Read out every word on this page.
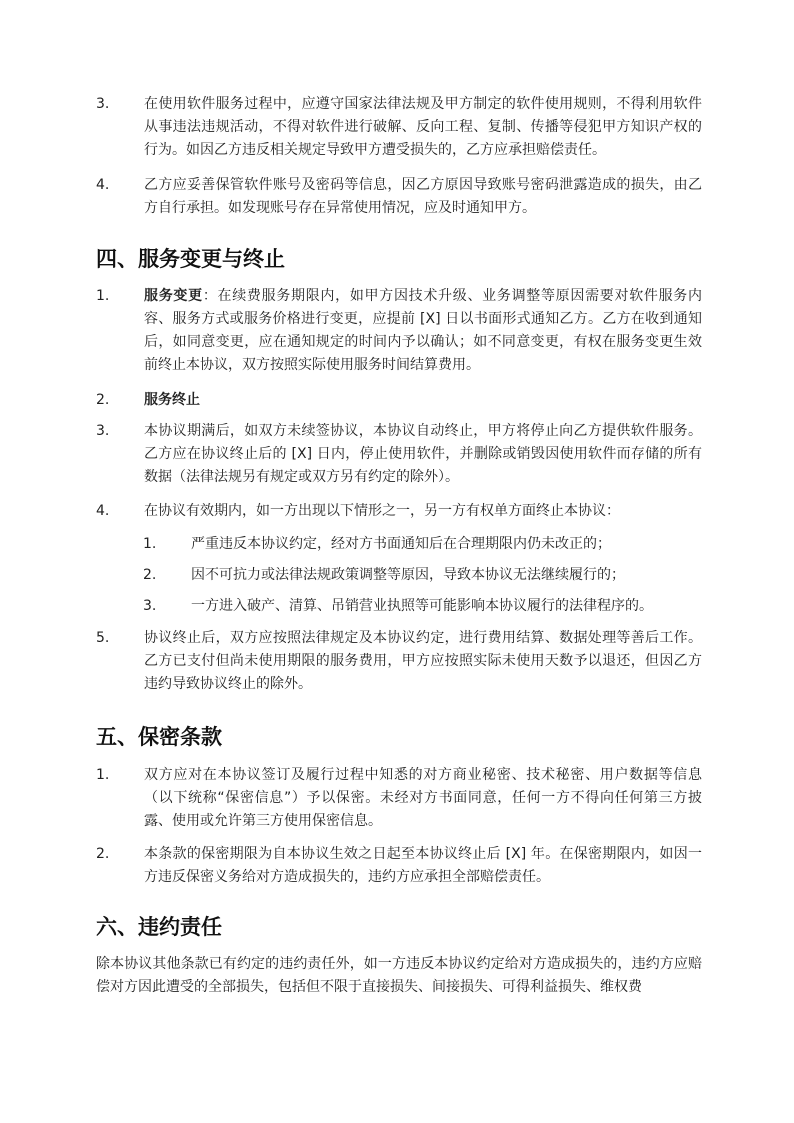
3.	在使用软件服务过程中，应遵守国家法律法规及甲方制定的软件使用规则，不得利用软件从事违法违规活动，不得对软件进行破解、反向工程、复制、传播等侵犯甲方知识产权的行为。如因乙方违反相关规定导致甲方遭受损失的，乙方应承担赔偿责任。
4.	乙方应妥善保管软件账号及密码等信息，因乙方原因导致账号密码泄露造成的损失，由乙方自行承担。如发现账号存在异常使用情况，应及时通知甲方。
四、服务变更与终止
1.	服务变更：在续费服务期限内，如甲方因技术升级、业务调整等原因需要对软件服务内容、服务方式或服务价格进行变更，应提前 [X] 日以书面形式通知乙方。乙方在收到通知后，如同意变更，应在通知规定的时间内予以确认；如不同意变更，有权在服务变更生效前终止本协议，双方按照实际使用服务时间结算费用。
2.	服务终止
3.	本协议期满后，如双方未续签协议，本协议自动终止，甲方将停止向乙方提供软件服务。乙方应在协议终止后的 [X] 日内，停止使用软件，并删除或销毁因使用软件而存储的所有数据（法律法规另有规定或双方另有约定的除外）。
4.	在协议有效期内，如一方出现以下情形之一，另一方有权单方面终止本协议：
1.	严重违反本协议约定，经对方书面通知后在合理期限内仍未改正的；
2.	因不可抗力或法律法规政策调整等原因，导致本协议无法继续履行的；
3.	一方进入破产、清算、吊销营业执照等可能影响本协议履行的法律程序的。
5.	协议终止后，双方应按照法律规定及本协议约定，进行费用结算、数据处理等善后工作。乙方已支付但尚未使用期限的服务费用，甲方应按照实际未使用天数予以退还，但因乙方违约导致协议终止的除外。
五、保密条款
1.	双方应对在本协议签订及履行过程中知悉的对方商业秘密、技术秘密、用户数据等信息（以下统称“保密信息”）予以保密。未经对方书面同意，任何一方不得向任何第三方披露、使用或允许第三方使用保密信息。
2.	本条款的保密期限为自本协议生效之日起至本协议终止后 [X] 年。在保密期限内，如因一方违反保密义务给对方造成损失的，违约方应承担全部赔偿责任。
六、违约责任
除本协议其他条款已有约定的违约责任外，如一方违反本协议约定给对方造成损失的，违约方应赔偿对方因此遭受的全部损失，包括但不限于直接损失、间接损失、可得利益损失、维权费
